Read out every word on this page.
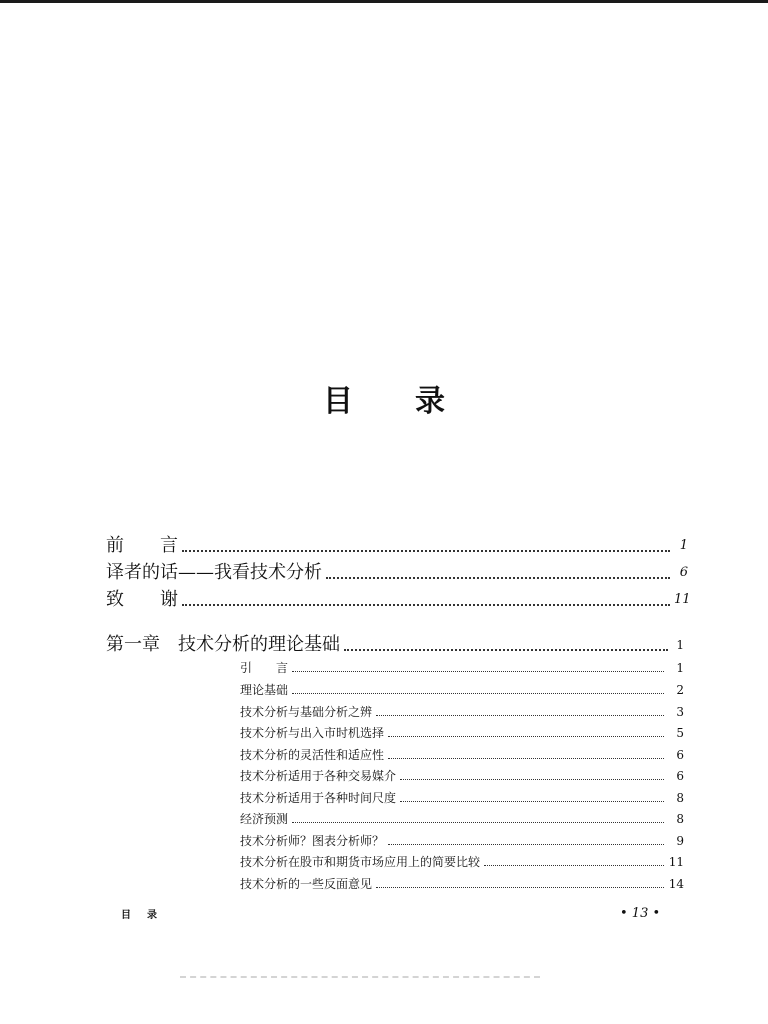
目 录
前　　言	1
译者的话——我看技术分析	6
致　　谢	11
第一章　技术分析的理论基础	1
引　　言	1
理论基础	2
技术分析与基础分析之辨	3
技术分析与出入市时机选择	5
技术分析的灵活性和适应性	6
技术分析适用于各种交易媒介	6
技术分析适用于各种时间尺度	8
经济预测	8
技术分析师？图表分析师？	9
技术分析在股市和期货市场应用上的简要比较	11
技术分析的一些反面意见	14
目录	• 13 •
